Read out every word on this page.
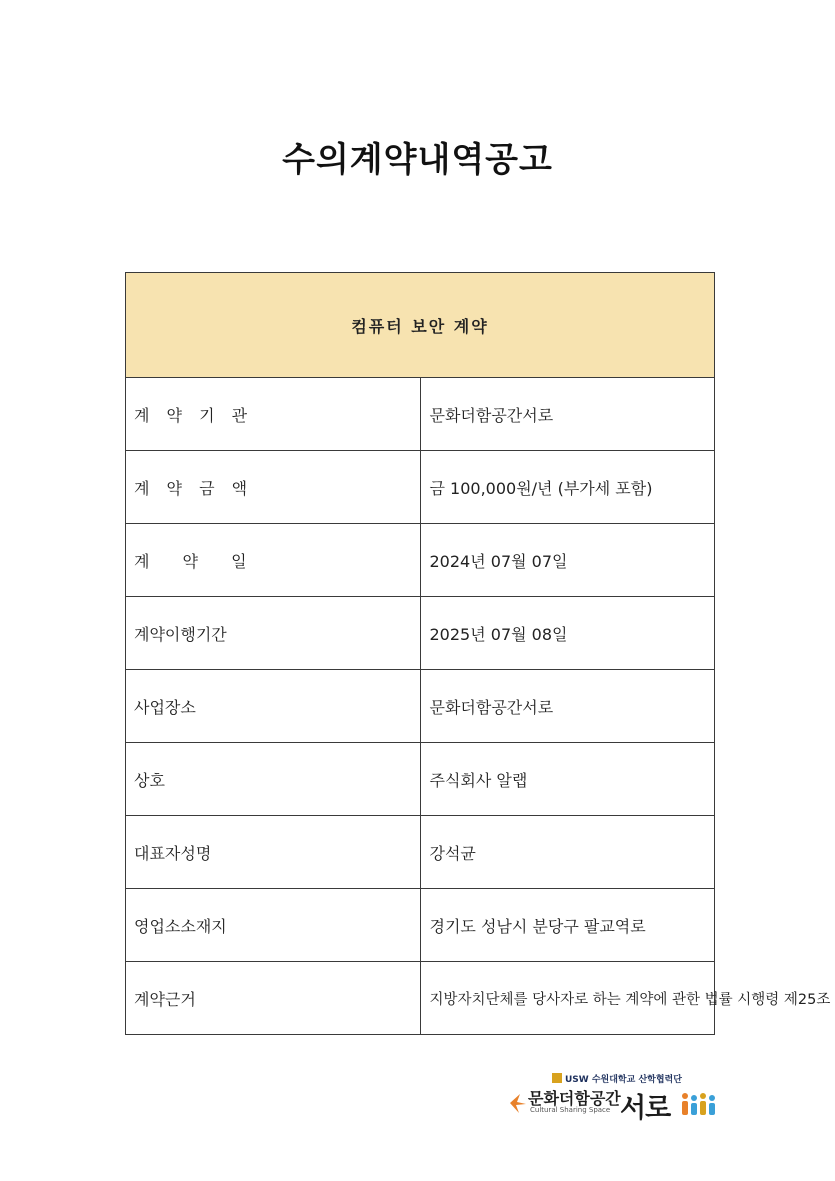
수의계약내역공고
컴퓨터 보안 계약	
계 약 기 관	문화더함공간서로
계 약 금 액	금 100,000원/년 (부가세 포함)
계 약 일	2024년 07월 07일
계약이행기간	2025년 07월 08일
사업장소	문화더함공간서로
상호	주식회사 알랩
대표자성명	강석균
영업소소재지	경기도 성남시 분당구 팔교역로
계약근거	지방자치단체를 당사자로 하는 계약에 관한 법률 시행령 제25조
USW 수원대학교 산학협력단
문화더함공간
Cultural Sharing Space 서로
